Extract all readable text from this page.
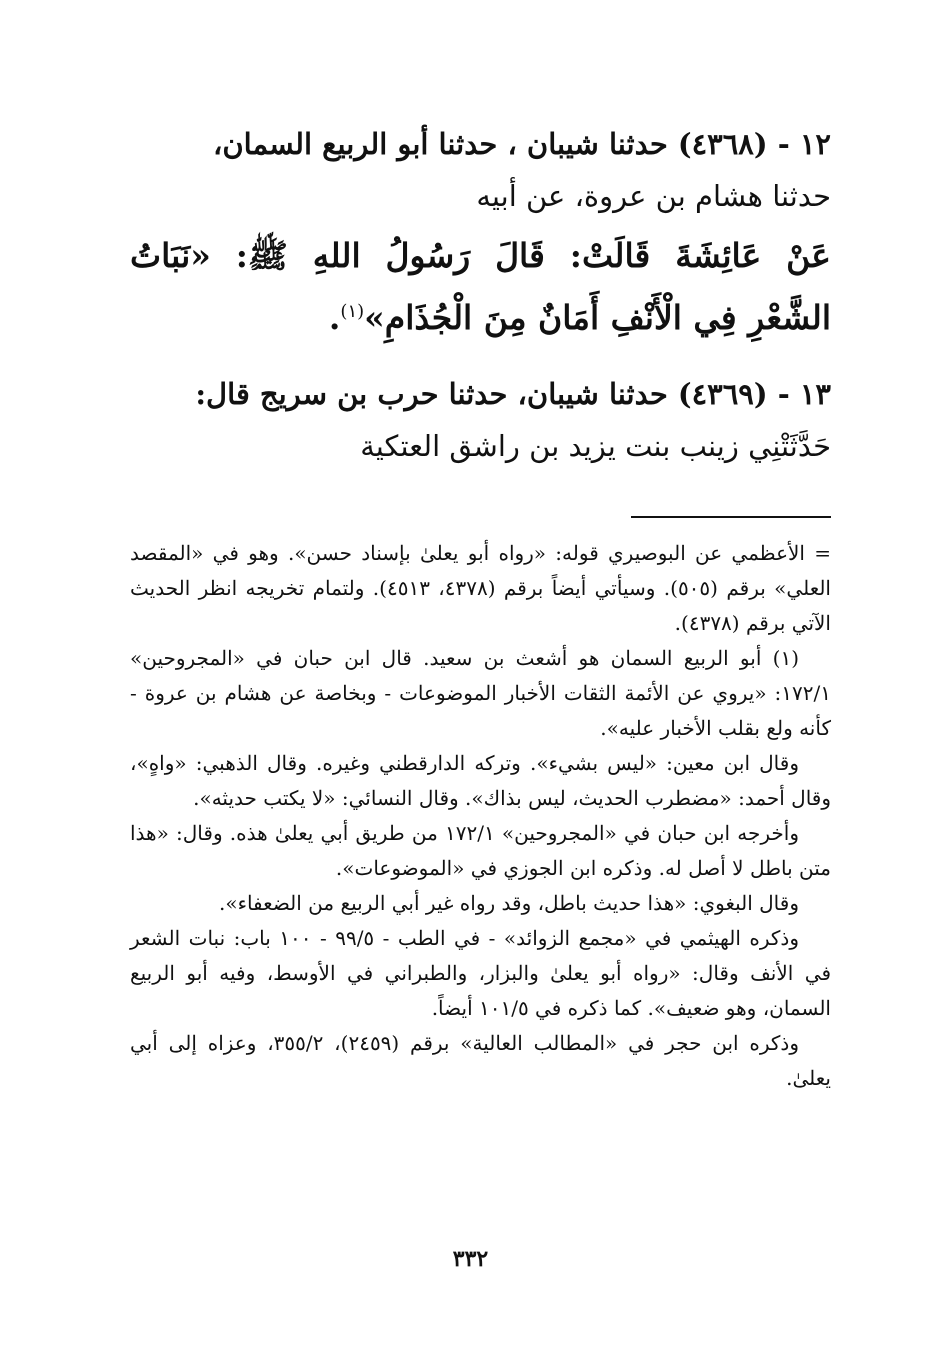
١٢ - (٤٣٦٨) حدثنا شيبان ، حدثنا أبو الربيع السمان،
حدثنا هشام بن عروة، عن أبيه

عَنْ عَائِشَةَ قَالَتْ: قَالَ رَسُولُ اللهِ ﷺ: «نَبَاتُ الشَّعْرِ فِي الْأَنْفِ أَمَانٌ مِنَ الْجُذَامِ»$^{(١)}$.

١٣ - (٤٣٦٩) حدثنا شيبان، حدثنا حرب بن سريج قال:
حَدَّثَتْنِي زينب بنت يزيد بن راشق العتكية

= الأعظمي عن البوصيري قوله: «رواه أبو يعلىٰ بإسناد حسن». وهو في «المقصد العلي» برقم (٥٠٥). وسيأتي أيضاً برقم (٤٣٧٨، ٤٥١٣). ولتمام تخريجه انظر الحديث الآتي برقم (٤٣٧٨).

(١) أبو الربيع السمان هو أشعث بن سعيد. قال ابن حبان في «المجروحين» ١٧٢/١: «يروي عن الأئمة الثقات الأخبار الموضوعات - وبخاصة عن هشام بن عروة - كأنه ولع بقلب الأخبار عليه».

وقال ابن معين: «ليس بشيء». وتركه الدارقطني وغيره. وقال الذهبي: «واهٍ»، وقال أحمد: «مضطرب الحديث، ليس بذاك». وقال النسائي: «لا يكتب حديثه».

وأخرجه ابن حبان في «المجروحين» ١٧٢/١ من طريق أبي يعلىٰ هذه. وقال: «هذا متن باطل لا أصل له. وذكره ابن الجوزي في «الموضوعات».

وقال البغوي: «هذا حديث باطل، وقد رواه غير أبي الربيع من الضعفاء».

وذكره الهيثمي في «مجمع الزوائد» - في الطب - ٩٩/٥ - ١٠٠ باب: نبات الشعر في الأنف وقال: «رواه أبو يعلىٰ والبزار، والطبراني في الأوسط، وفيه أبو الربيع السمان، وهو ضعيف». كما ذكره في ١٠١/٥ أيضاً.

وذكره ابن حجر في «المطالب العالية» برقم (٢٤٥٩)، ٣٥٥/٢، وعزاه إلى أبي يعلىٰ.

٣٣٢
